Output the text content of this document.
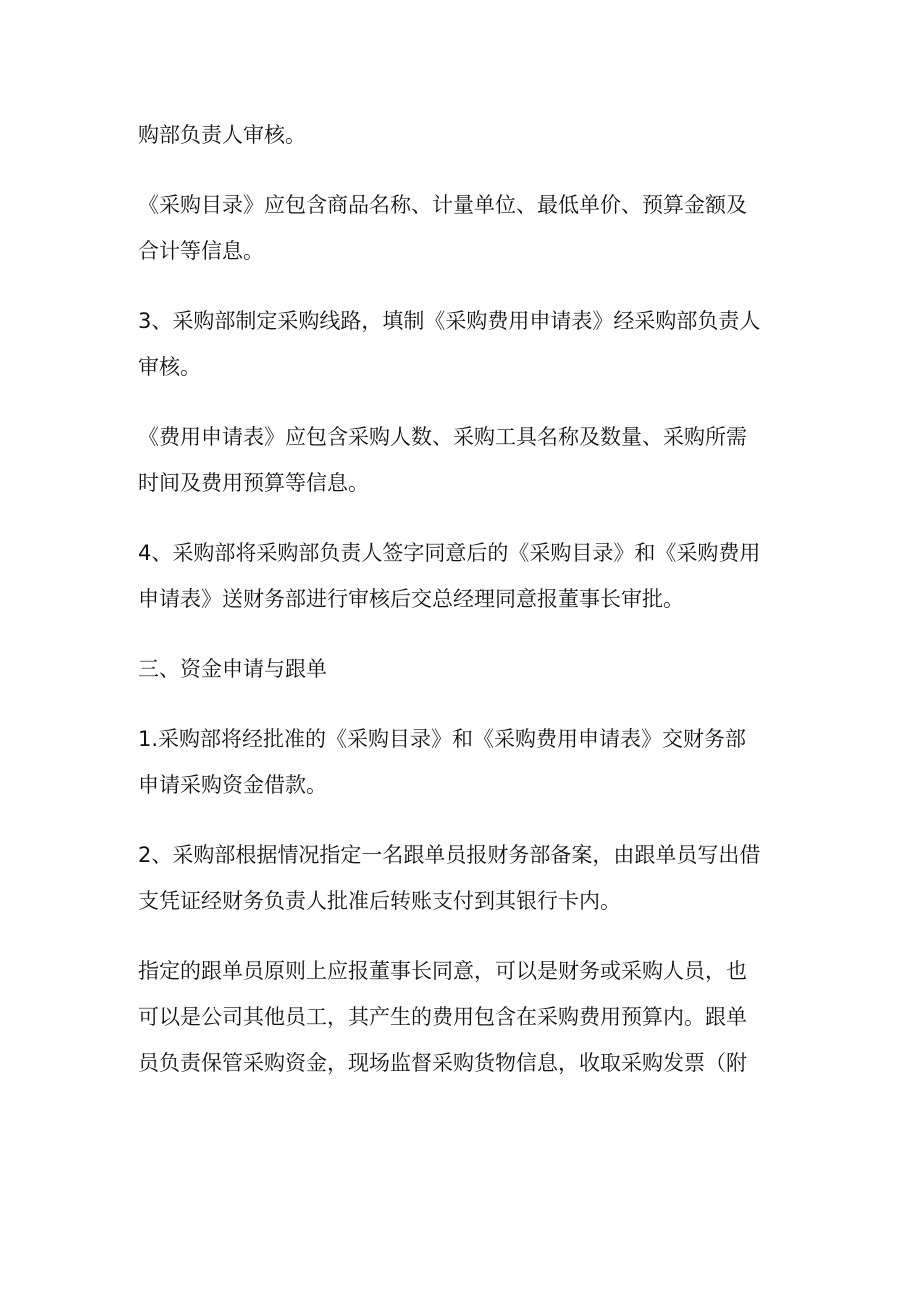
购部负责人审核。

《采购目录》应包含商品名称、计量单位、最低单价、预算金额及
合计等信息。

3、采购部制定采购线路，填制《采购费用申请表》经采购部负责人
审核。

《费用申请表》应包含采购人数、采购工具名称及数量、采购所需
时间及费用预算等信息。

4、采购部将采购部负责人签字同意后的《采购目录》和《采购费用
申请表》送财务部进行审核后交总经理同意报董事长审批。

三、资金申请与跟单

1.采购部将经批准的《采购目录》和《采购费用申请表》交财务部
申请采购资金借款。

2、采购部根据情况指定一名跟单员报财务部备案，由跟单员写出借
支凭证经财务负责人批准后转账支付到其银行卡内。

指定的跟单员原则上应报董事长同意，可以是财务或采购人员，也
可以是公司其他员工，其产生的费用包含在采购费用预算内。跟单
员负责保管采购资金，现场监督采购货物信息，收取采购发票（附
